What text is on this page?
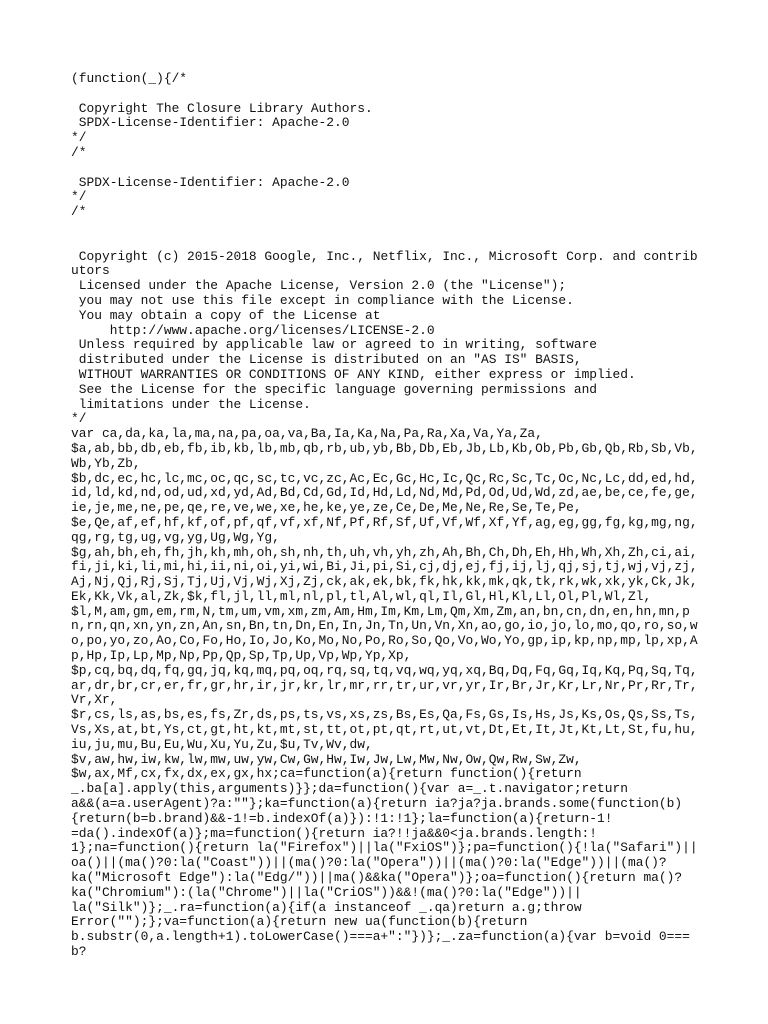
(function(_){/*

Copyright The Closure Library Authors.
SPDX-License-Identifier: Apache-2.0
*/
/*

SPDX-License-Identifier: Apache-2.0
*/
/*

Copyright (c) 2015-2018 Google, Inc., Netflix, Inc., Microsoft Corp. and contributors
Licensed under the Apache License, Version 2.0 (the "License");
you may not use this file except in compliance with the License.
You may obtain a copy of the License at
http://www.apache.org/licenses/LICENSE-2.0
Unless required by applicable law or agreed to in writing, software
distributed under the License is distributed on an "AS IS" BASIS,
WITHOUT WARRANTIES OR CONDITIONS OF ANY KIND, either express or implied.
See the License for the specific language governing permissions and
limitations under the License.
*/
var ca,da,ka,la,ma,na,pa,oa,va,Ba,Ia,Ka,Na,Pa,Ra,Xa,Va,Ya,Za,
$a,ab,bb,db,eb,fb,ib,kb,lb,mb,qb,rb,ub,yb,Bb,Db,Eb,Jb,Lb,Kb,Ob,Pb,Gb,Qb,Rb,Sb,Vb,Wb,Yb,Zb,
$b,dc,ec,hc,lc,mc,oc,qc,sc,tc,vc,zc,Ac,Ec,Gc,Hc,Ic,Qc,Rc,Sc,Tc,Oc,Nc,Lc,dd,ed,hd,id,ld,kd,nd,od,ud,xd,yd,Ad,Bd,Cd,Gd,Id,Hd,Ld,Nd,Md,Pd,Od,Ud,Wd,zd,ae,be,ce,fe,ge,ie,je,me,ne,pe,qe,re,ve,we,xe,he,ke,ye,ze,Ce,De,Me,Ne,Re,Se,Te,Pe,
$e,Qe,af,ef,hf,kf,of,pf,qf,vf,xf,Nf,Pf,Rf,Sf,Uf,Vf,Wf,Xf,Yf,ag,eg,gg,fg,kg,mg,ng,qg,rg,tg,ug,vg,yg,Ug,Wg,Yg,
$g,ah,bh,eh,fh,jh,kh,mh,oh,sh,nh,th,uh,vh,yh,zh,Ah,Bh,Ch,Dh,Eh,Hh,Wh,Xh,Zh,ci,ai,fi,ji,ki,li,mi,hi,ii,ni,oi,yi,wi,Bi,Ji,pi,Si,cj,dj,ej,fj,ij,lj,qj,sj,tj,wj,vj,zj,Aj,Nj,Qj,Rj,Sj,Tj,Uj,Vj,Wj,Xj,Zj,ck,ak,ek,bk,fk,hk,kk,mk,qk,tk,rk,wk,xk,yk,Ck,Jk,Ek,Kk,Vk,al,Zk,$k,fl,jl,ll,ml,nl,pl,tl,Al,wl,ql,Il,Gl,Hl,Kl,Ll,Ol,Pl,Wl,Zl,
$l,M,am,gm,em,rm,N,tm,um,vm,xm,zm,Am,Hm,Im,Km,Lm,Qm,Xm,Zm,an,bn,cn,dn,en,hn,mn,pn,rn,qn,xn,yn,zn,An,sn,Bn,tn,Dn,En,In,Jn,Tn,Un,Vn,Xn,ao,go,io,jo,lo,mo,qo,ro,so,wo,po,yo,zo,Ao,Co,Fo,Ho,Io,Jo,Ko,Mo,No,Po,Ro,So,Qo,Vo,Wo,Yo,gp,ip,kp,np,mp,lp,xp,Ap,Hp,Ip,Lp,Mp,Np,Pp,Qp,Sp,Tp,Up,Vp,Wp,Yp,Xp,
$p,cq,bq,dq,fq,gq,jq,kq,mq,pq,oq,rq,sq,tq,vq,wq,yq,xq,Bq,Dq,Fq,Gq,Iq,Kq,Pq,Sq,Tq,ar,dr,br,cr,er,fr,gr,hr,ir,jr,kr,lr,mr,rr,tr,ur,vr,yr,Ir,Br,Jr,Kr,Lr,Nr,Pr,Rr,Tr,Vr,Xr,
$r,cs,ls,as,bs,es,fs,Zr,ds,ps,ts,vs,xs,zs,Bs,Es,Qa,Fs,Gs,Is,Hs,Js,Ks,Os,Qs,Ss,Ts,Vs,Xs,at,bt,Ys,ct,gt,ht,kt,mt,st,tt,ot,pt,qt,rt,ut,vt,Dt,Et,It,Jt,Kt,Lt,St,fu,hu,iu,ju,mu,Bu,Eu,Wu,Xu,Yu,Zu,$u,Tv,Wv,dw,
$v,aw,hw,iw,kw,lw,mw,uw,yw,Cw,Gw,Hw,Iw,Jw,Lw,Mw,Nw,Ow,Qw,Rw,Sw,Zw,
$w,ax,Mf,cx,fx,dx,ex,gx,hx;ca=function(a){return function(){return
_.ba[a].apply(this,arguments)}};da=function(){var a=_.t.navigator;return
a&&(a=a.userAgent)?a:""};ka=function(a){return ia?ja?ja.brands.some(function(b)
{return(b=b.brand)&&-1!=b.indexOf(a)}):!1:!1};la=function(a){return-1!
=da().indexOf(a)};ma=function(){return ia?!!ja&&0<ja.brands.length:!
1};na=function(){return la("Firefox")||la("FxiOS")};pa=function(){!la("Safari")||
oa()||(ma()?0:la("Coast"))||(ma()?0:la("Opera"))||(ma()?0:la("Edge"))||(ma()?
ka("Microsoft Edge"):la("Edg/"))||ma()&&ka("Opera")};oa=function(){return ma()?
ka("Chromium"):(la("Chrome")||la("CriOS"))&&!(ma()?0:la("Edge"))||
la("Silk")};_.ra=function(a){if(a instanceof _.qa)return a.g;throw
Error("");};va=function(a){return new ua(function(b){return
b.substr(0,a.length+1).toLowerCase()===a+":"})};_.za=function(a){var b=void 0===b?
